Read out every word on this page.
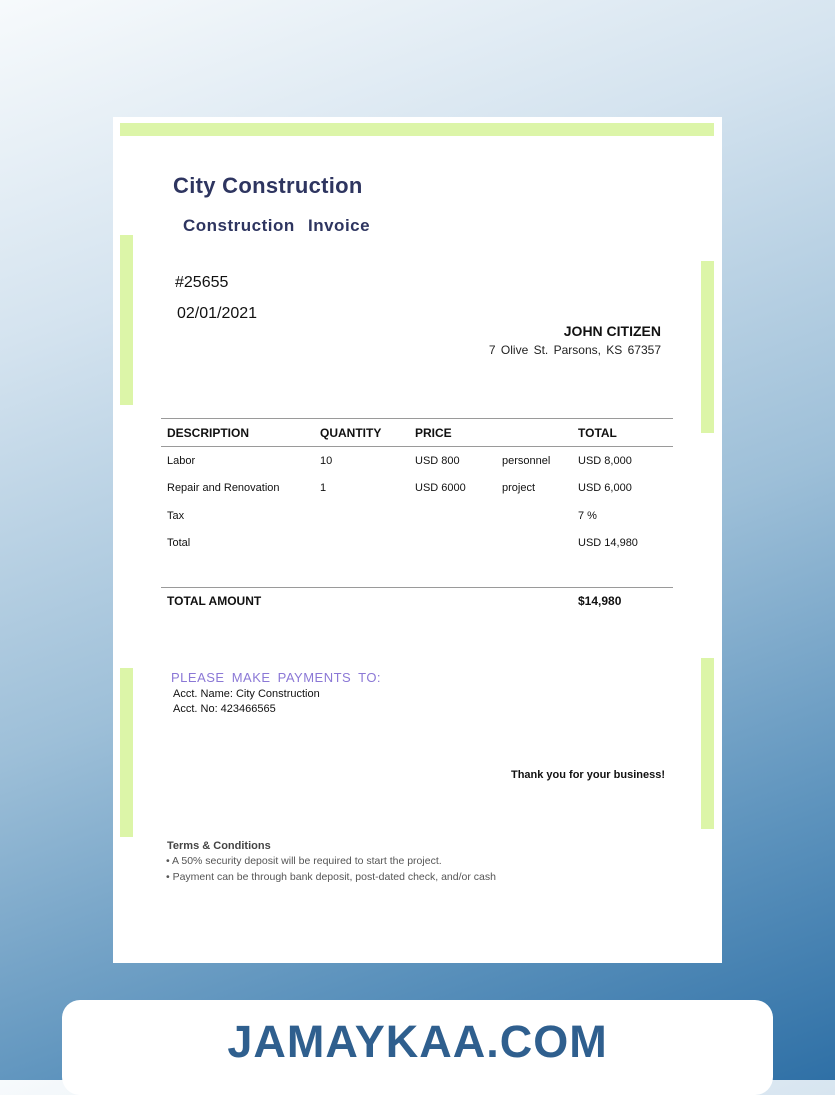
City Construction
Construction Invoice
#25655
02/01/2021
JOHN CITIZEN
7 Olive St. Parsons, KS 67357
DESCRIPTION	QUANTITY	PRICE		TOTAL
Labor	10	USD 800	personnel	USD 8,000
Repair and Renovation	1	USD 6000	project	USD 6,000
Tax				7 %
Total				USD 14,980

TOTAL AMOUNT				$14,980
PLEASE MAKE PAYMENTS TO:
Acct. Name: City Construction
Acct. No: 423466565
Thank you for your business!
Terms & Conditions
• A 50% security deposit will be required to start the project.
• Payment can be through bank deposit, post-dated check, and/or cash
JAMAYKAA.COM
